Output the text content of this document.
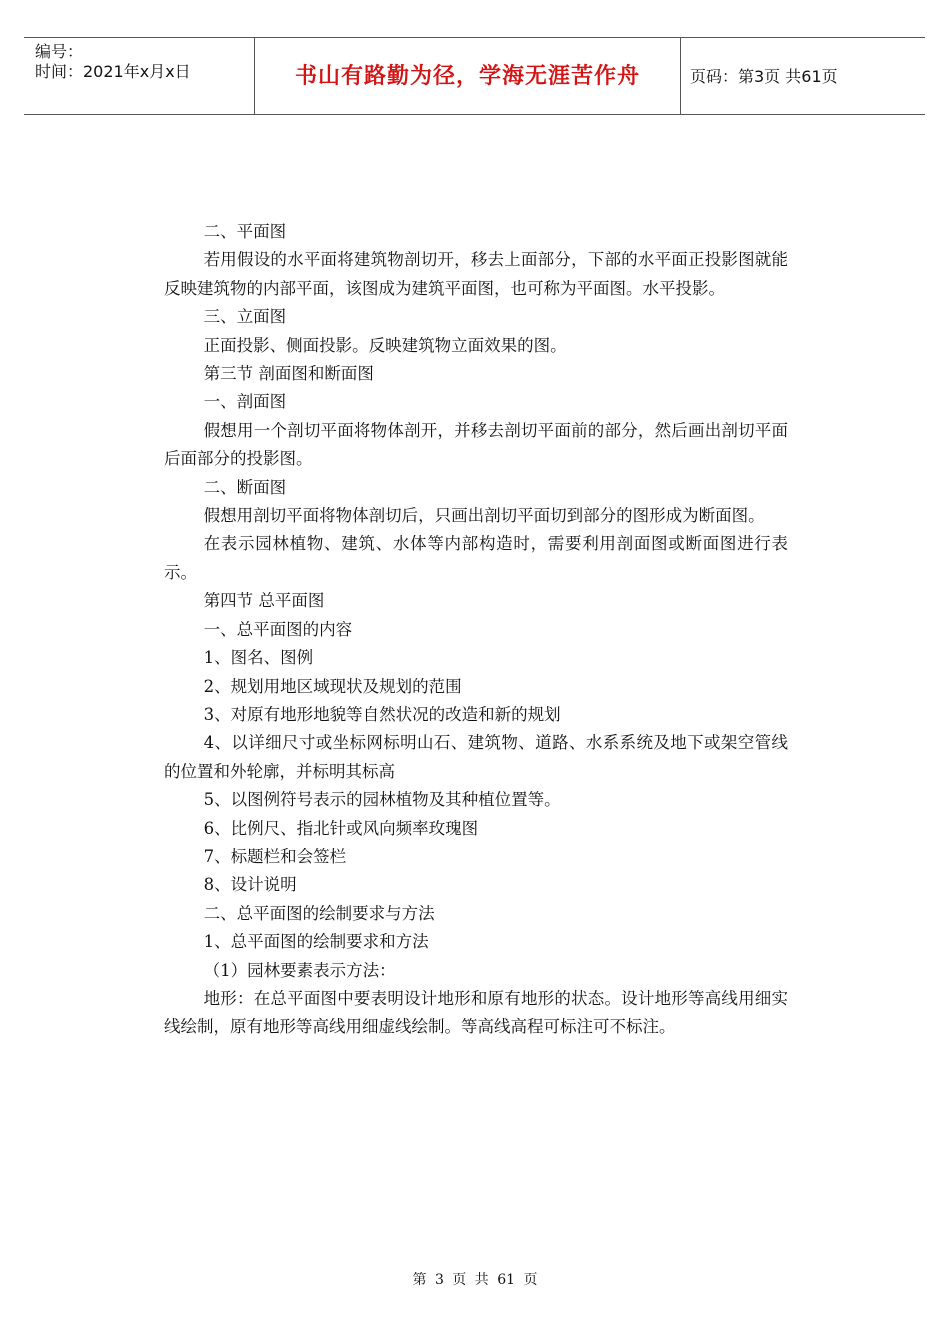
编号：
时间：2021年x月x日	书山有路勤为径，学海无涯苦作舟	页码：第3页 共61页

二、平面图

若用假设的水平面将建筑物剖切开，移去上面部分，下部的水平面正投影图就能反映建筑物的内部平面，该图成为建筑平面图，也可称为平面图。水平投影。

三、立面图

正面投影、侧面投影。反映建筑物立面效果的图。

第三节 剖面图和断面图

一、剖面图

假想用一个剖切平面将物体剖开，并移去剖切平面前的部分，然后画出剖切平面后面部分的投影图。

二、断面图

假想用剖切平面将物体剖切后，只画出剖切平面切到部分的图形成为断面图。

在表示园林植物、建筑、水体等内部构造时，需要利用剖面图或断面图进行表示。

第四节 总平面图

一、总平面图的内容

1、图名、图例

2、规划用地区域现状及规划的范围

3、对原有地形地貌等自然状况的改造和新的规划

4、以详细尺寸或坐标网标明山石、建筑物、道路、水系系统及地下或架空管线的位置和外轮廓，并标明其标高

5、以图例符号表示的园林植物及其种植位置等。

6、比例尺、指北针或风向频率玫瑰图

7、标题栏和会签栏

8、设计说明

二、总平面图的绘制要求与方法

1、总平面图的绘制要求和方法

（1）园林要素表示方法：

地形：在总平面图中要表明设计地形和原有地形的状态。设计地形等高线用细实线绘制，原有地形等高线用细虚线绘制。等高线高程可标注可不标注。

第 3 页 共 61 页
